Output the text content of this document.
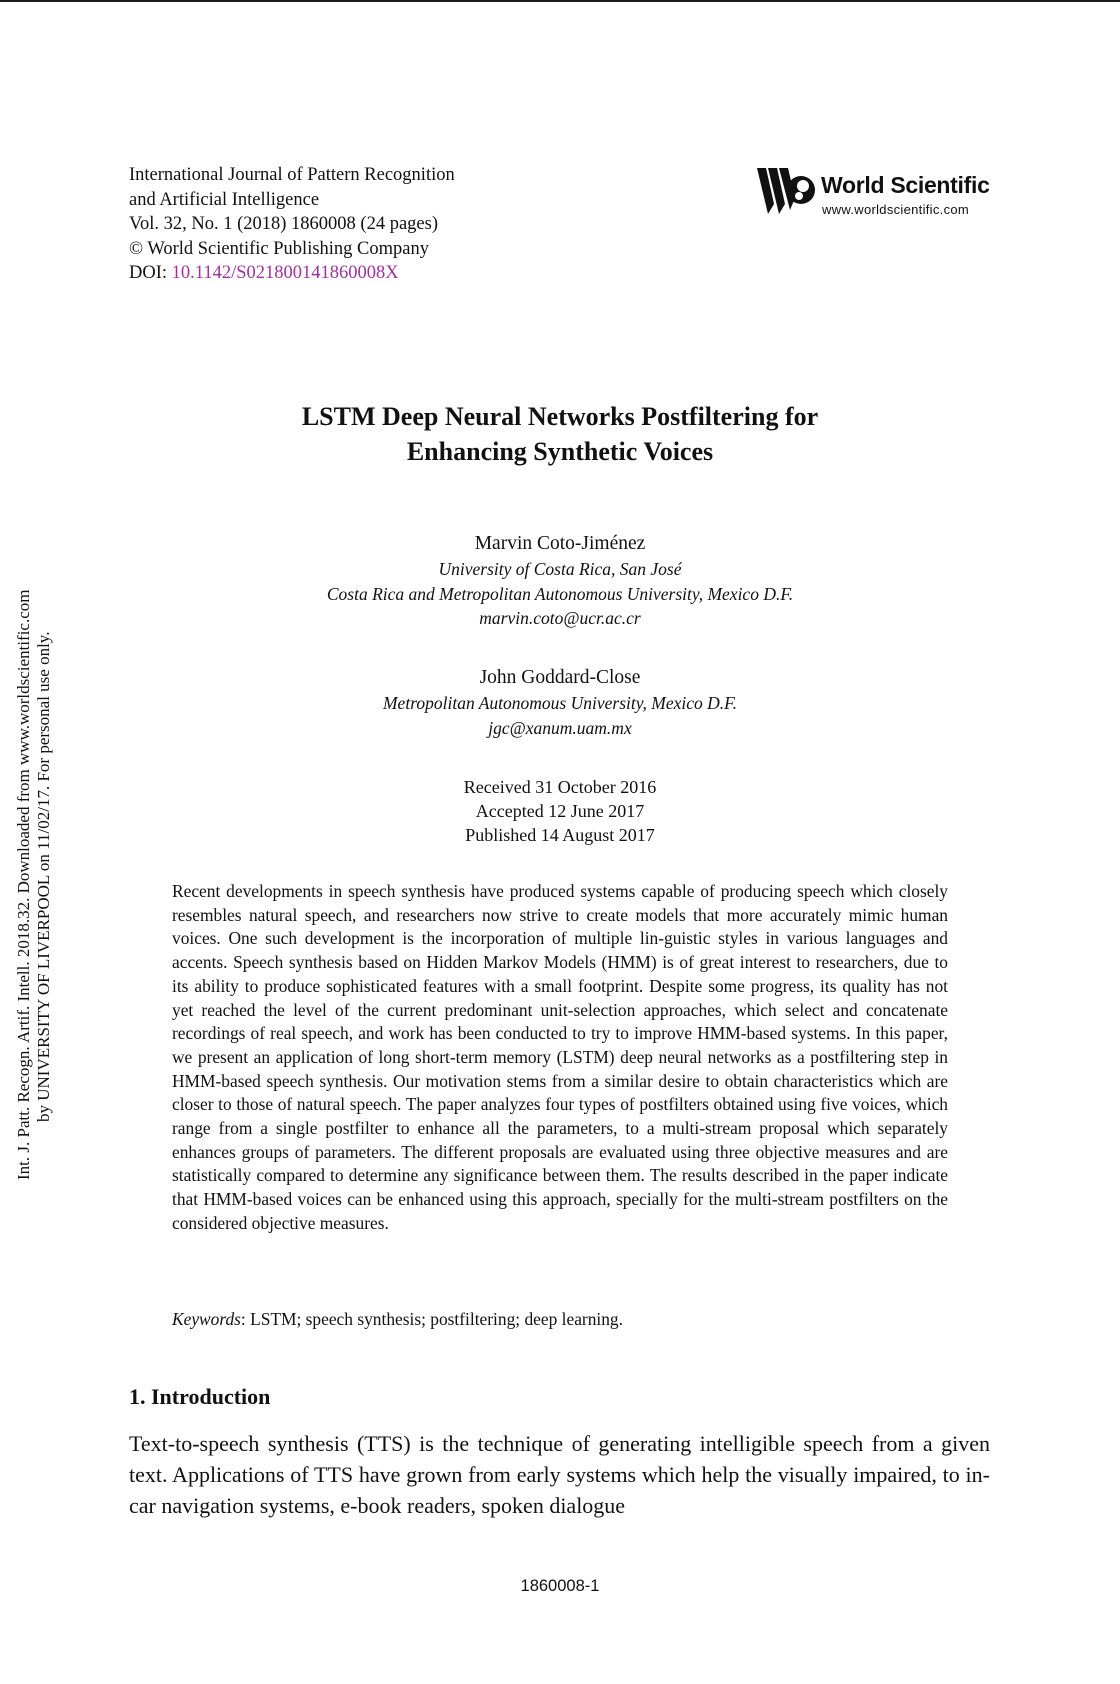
International Journal of Pattern Recognition
and Artificial Intelligence
Vol. 32, No. 1 (2018) 1860008 (24 pages)
© World Scientific Publishing Company
DOI: 10.1142/S021800141860008X
World Scientific
www.worldscientific.com
Int. J. Patt. Recogn. Artif. Intell. 2018.32. Downloaded from www.worldscientific.com by UNIVERSITY OF LIVERPOOL on 11/02/17. For personal use only.
LSTM Deep Neural Networks Postfiltering for
Enhancing Synthetic Voices
Marvin Coto-Jiménez
University of Costa Rica, San José
Costa Rica and Metropolitan Autonomous University, Mexico D.F.
marvin.coto@ucr.ac.cr
John Goddard-Close
Metropolitan Autonomous University, Mexico D.F.
jgc@xanum.uam.mx
Received 31 October 2016
Accepted 12 June 2017
Published 14 August 2017

Recent developments in speech synthesis have produced systems capable of producing speech which closely resembles natural speech, and researchers now strive to create models that more accurately mimic human voices. One such development is the incorporation of multiple lin-guistic styles in various languages and accents. Speech synthesis based on Hidden Markov Models (HMM) is of great interest to researchers, due to its ability to produce sophisticated features with a small footprint. Despite some progress, its quality has not yet reached the level of the current predominant unit-selection approaches, which select and concatenate recordings of real speech, and work has been conducted to try to improve HMM-based systems. In this paper, we present an application of long short-term memory (LSTM) deep neural networks as a postfiltering step in HMM-based speech synthesis. Our motivation stems from a similar desire to obtain characteristics which are closer to those of natural speech. The paper analyzes four types of postfilters obtained using five voices, which range from a single postfilter to enhance all the parameters, to a multi-stream proposal which separately enhances groups of parameters. The different proposals are evaluated using three objective measures and are statistically compared to determine any significance between them. The results described in the paper indicate that HMM-based voices can be enhanced using this approach, specially for the multi-stream postfilters on the considered objective measures.

Keywords: LSTM; speech synthesis; postfiltering; deep learning.
1. Introduction

Text-to-speech synthesis (TTS) is the technique of generating intelligible speech from a given text. Applications of TTS have grown from early systems which help the visually impaired, to in-car navigation systems, e-book readers, spoken dialogue

1860008-1
